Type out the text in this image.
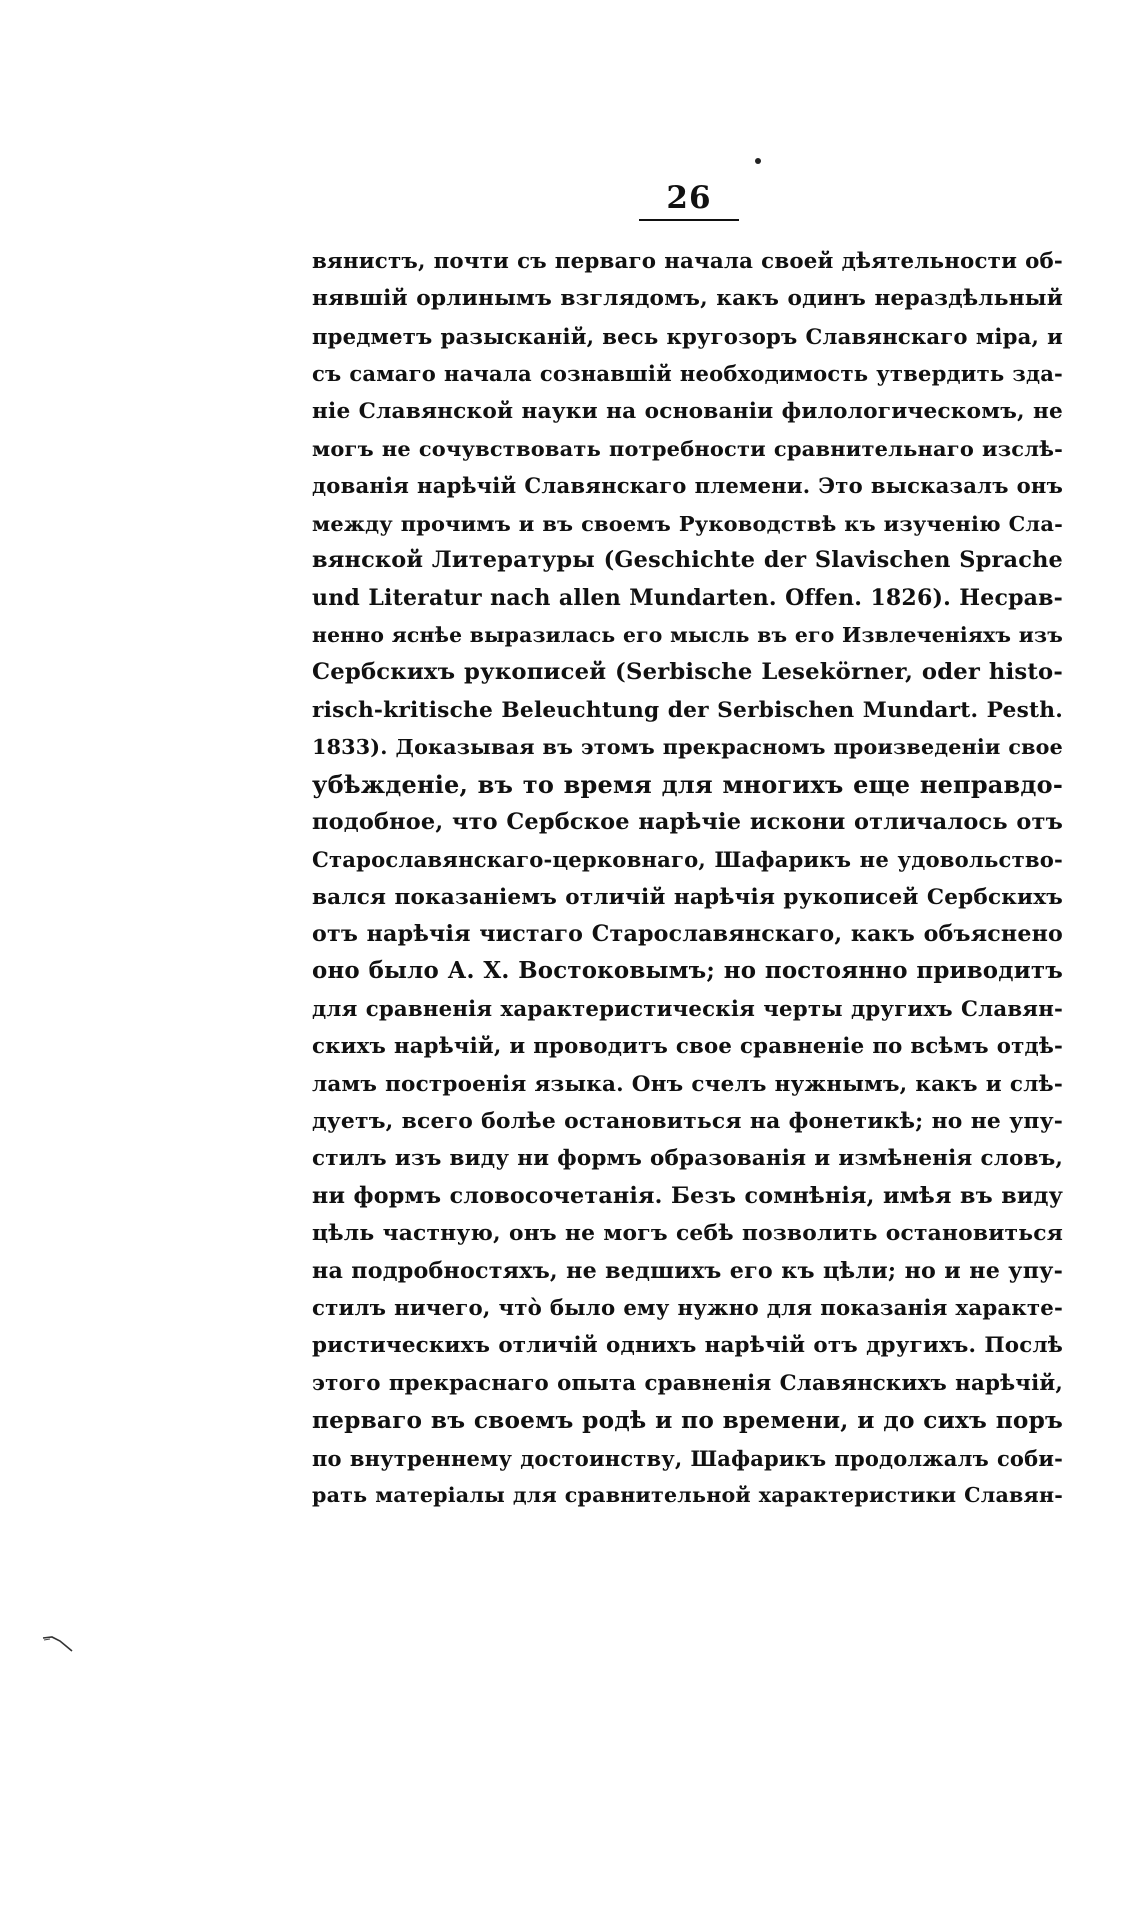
26
вянистъ, почти съ перваго начала своей дѣятельности об-
нявшій орлинымъ взглядомъ, какъ одинъ нераздѣльный
предметъ разысканій, весь кругозоръ Славянскаго міра, и
съ самаго начала сознавшій необходимость утвердить зда-
ніе Славянской науки на основаніи филологическомъ, не
могъ не сочувствовать потребности сравнительнаго изслѣ-
дованія нарѣчій Славянскаго племени. Это высказалъ онъ
между прочимъ и въ своемъ Руководствѣ къ изученію Сла-
вянской Литературы (Geschichte der Slavischen Sprache
und Literatur nach allen Mundarten. Offen. 1826). Несрав-
ненно яснѣе выразилась его мысль въ его Извлеченіяхъ изъ
Сербскихъ рукописей (Serbische Lesekörner, oder histo-
risch-kritische Beleuchtung der Serbischen Mundart. Pesth.
1833). Доказывая въ этомъ прекрасномъ произведеніи свое
убѣжденіе, въ то время для многихъ еще неправдо-
подобное, что Сербское нарѣчіе искони отличалось отъ
Старославянскаго-церковнаго, Шафарикъ не удовольство-
вался показаніемъ отличій нарѣчія рукописей Сербскихъ
отъ нарѣчія чистаго Старославянскаго, какъ объяснено
оно было А. Х. Востоковымъ; но постоянно приводитъ
для сравненія характеристическія черты другихъ Славян-
скихъ нарѣчій, и проводитъ свое сравненіе по всѣмъ отдѣ-
ламъ построенія языка. Онъ счелъ нужнымъ, какъ и слѣ-
дуетъ, всего болѣе остановиться на фонетикѣ; но не упу-
стилъ изъ виду ни формъ образованія и измѣненія словъ,
ни формъ словосочетанія. Безъ сомнѣнія, имѣя въ виду
цѣль частную, онъ не могъ себѣ позволить остановиться
на подробностяхъ, не ведшихъ его къ цѣли; но и не упу-
стилъ ничего, что̀ было ему нужно для показанія характе-
ристическихъ отличій однихъ нарѣчій отъ другихъ. Послѣ
этого прекраснаго опыта сравненія Славянскихъ нарѣчій,
перваго въ своемъ родѣ и по времени, и до сихъ поръ
по внутреннему достоинству, Шафарикъ продолжалъ соби-
рать матеріалы для сравнительной характеристики Славян-
